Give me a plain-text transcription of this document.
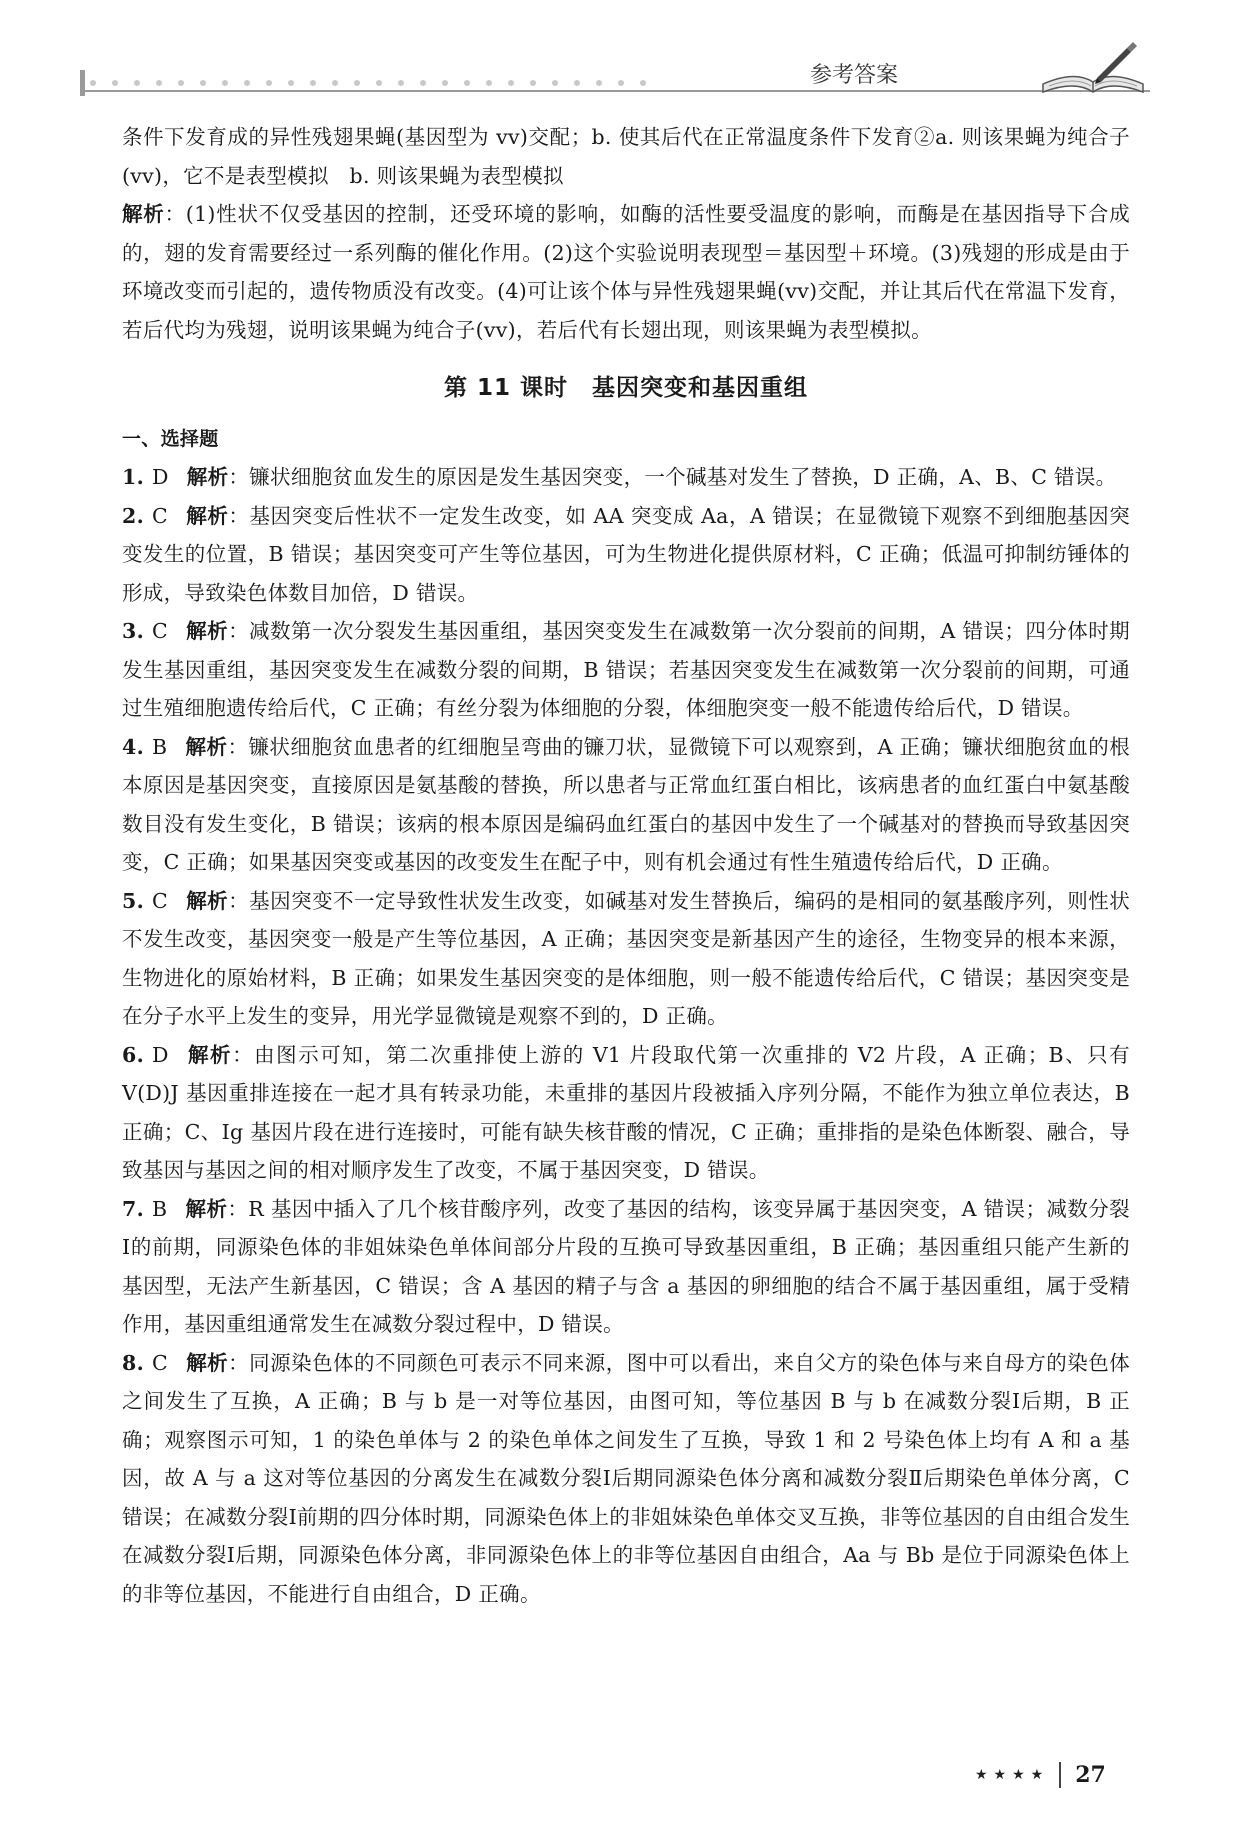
参考答案

条件下发育成的异性残翅果蝇(基因型为 vv)交配；b. 使其后代在正常温度条件下发育②a. 则该果蝇为纯合子(vv)，它不是表型模拟　b. 则该果蝇为表型模拟

解析：(1)性状不仅受基因的控制，还受环境的影响，如酶的活性要受温度的影响，而酶是在基因指导下合成的，翅的发育需要经过一系列酶的催化作用。(2)这个实验说明表现型＝基因型＋环境。(3)残翅的形成是由于环境改变而引起的，遗传物质没有改变。(4)可让该个体与异性残翅果蝇(vv)交配，并让其后代在常温下发育，若后代均为残翅，说明该果蝇为纯合子(vv)，若后代有长翅出现，则该果蝇为表型模拟。

第 11 课时　基因突变和基因重组

一、选择题

1. D 解析：镰状细胞贫血发生的原因是发生基因突变，一个碱基对发生了替换，D 正确，A、B、C 错误。

2. C 解析：基因突变后性状不一定发生改变，如 AA 突变成 Aa，A 错误；在显微镜下观察不到细胞基因突变发生的位置，B 错误；基因突变可产生等位基因，可为生物进化提供原材料，C 正确；低温可抑制纺锤体的形成，导致染色体数目加倍，D 错误。

3. C 解析：减数第一次分裂发生基因重组，基因突变发生在减数第一次分裂前的间期，A 错误；四分体时期发生基因重组，基因突变发生在减数分裂的间期，B 错误；若基因突变发生在减数第一次分裂前的间期，可通过生殖细胞遗传给后代，C 正确；有丝分裂为体细胞的分裂，体细胞突变一般不能遗传给后代，D 错误。

4. B 解析：镰状细胞贫血患者的红细胞呈弯曲的镰刀状，显微镜下可以观察到，A 正确；镰状细胞贫血的根本原因是基因突变，直接原因是氨基酸的替换，所以患者与正常血红蛋白相比，该病患者的血红蛋白中氨基酸数目没有发生变化，B 错误；该病的根本原因是编码血红蛋白的基因中发生了一个碱基对的替换而导致基因突变，C 正确；如果基因突变或基因的改变发生在配子中，则有机会通过有性生殖遗传给后代，D 正确。

5. C 解析：基因突变不一定导致性状发生改变，如碱基对发生替换后，编码的是相同的氨基酸序列，则性状不发生改变，基因突变一般是产生等位基因，A 正确；基因突变是新基因产生的途径，生物变异的根本来源，生物进化的原始材料，B 正确；如果发生基因突变的是体细胞，则一般不能遗传给后代，C 错误；基因突变是在分子水平上发生的变异，用光学显微镜是观察不到的，D 正确。

6. D 解析：由图示可知，第二次重排使上游的 V1 片段取代第一次重排的 V2 片段，A 正确；B、只有 V(D)J 基因重排连接在一起才具有转录功能，未重排的基因片段被插入序列分隔，不能作为独立单位表达，B 正确；C、Ig 基因片段在进行连接时，可能有缺失核苷酸的情况，C 正确；重排指的是染色体断裂、融合，导致基因与基因之间的相对顺序发生了改变，不属于基因突变，D 错误。

7. B 解析：R 基因中插入了几个核苷酸序列，改变了基因的结构，该变异属于基因突变，A 错误；减数分裂Ⅰ的前期，同源染色体的非姐妹染色单体间部分片段的互换可导致基因重组，B 正确；基因重组只能产生新的基因型，无法产生新基因，C 错误；含 A 基因的精子与含 a 基因的卵细胞的结合不属于基因重组，属于受精作用，基因重组通常发生在减数分裂过程中，D 错误。

8. C 解析：同源染色体的不同颜色可表示不同来源，图中可以看出，来自父方的染色体与来自母方的染色体之间发生了互换，A 正确；B 与 b 是一对等位基因，由图可知，等位基因 B 与 b 在减数分裂Ⅰ后期，B 正确；观察图示可知，1 的染色单体与 2 的染色单体之间发生了互换，导致 1 和 2 号染色体上均有 A 和 a 基因，故 A 与 a 这对等位基因的分离发生在减数分裂Ⅰ后期同源染色体分离和减数分裂Ⅱ后期染色单体分离，C 错误；在减数分裂Ⅰ前期的四分体时期，同源染色体上的非姐妹染色单体交叉互换，非等位基因的自由组合发生在减数分裂Ⅰ后期，同源染色体分离，非同源染色体上的非等位基因自由组合，Aa 与 Bb 是位于同源染色体上的非等位基因，不能进行自由组合，D 正确。

★★★★ 27
